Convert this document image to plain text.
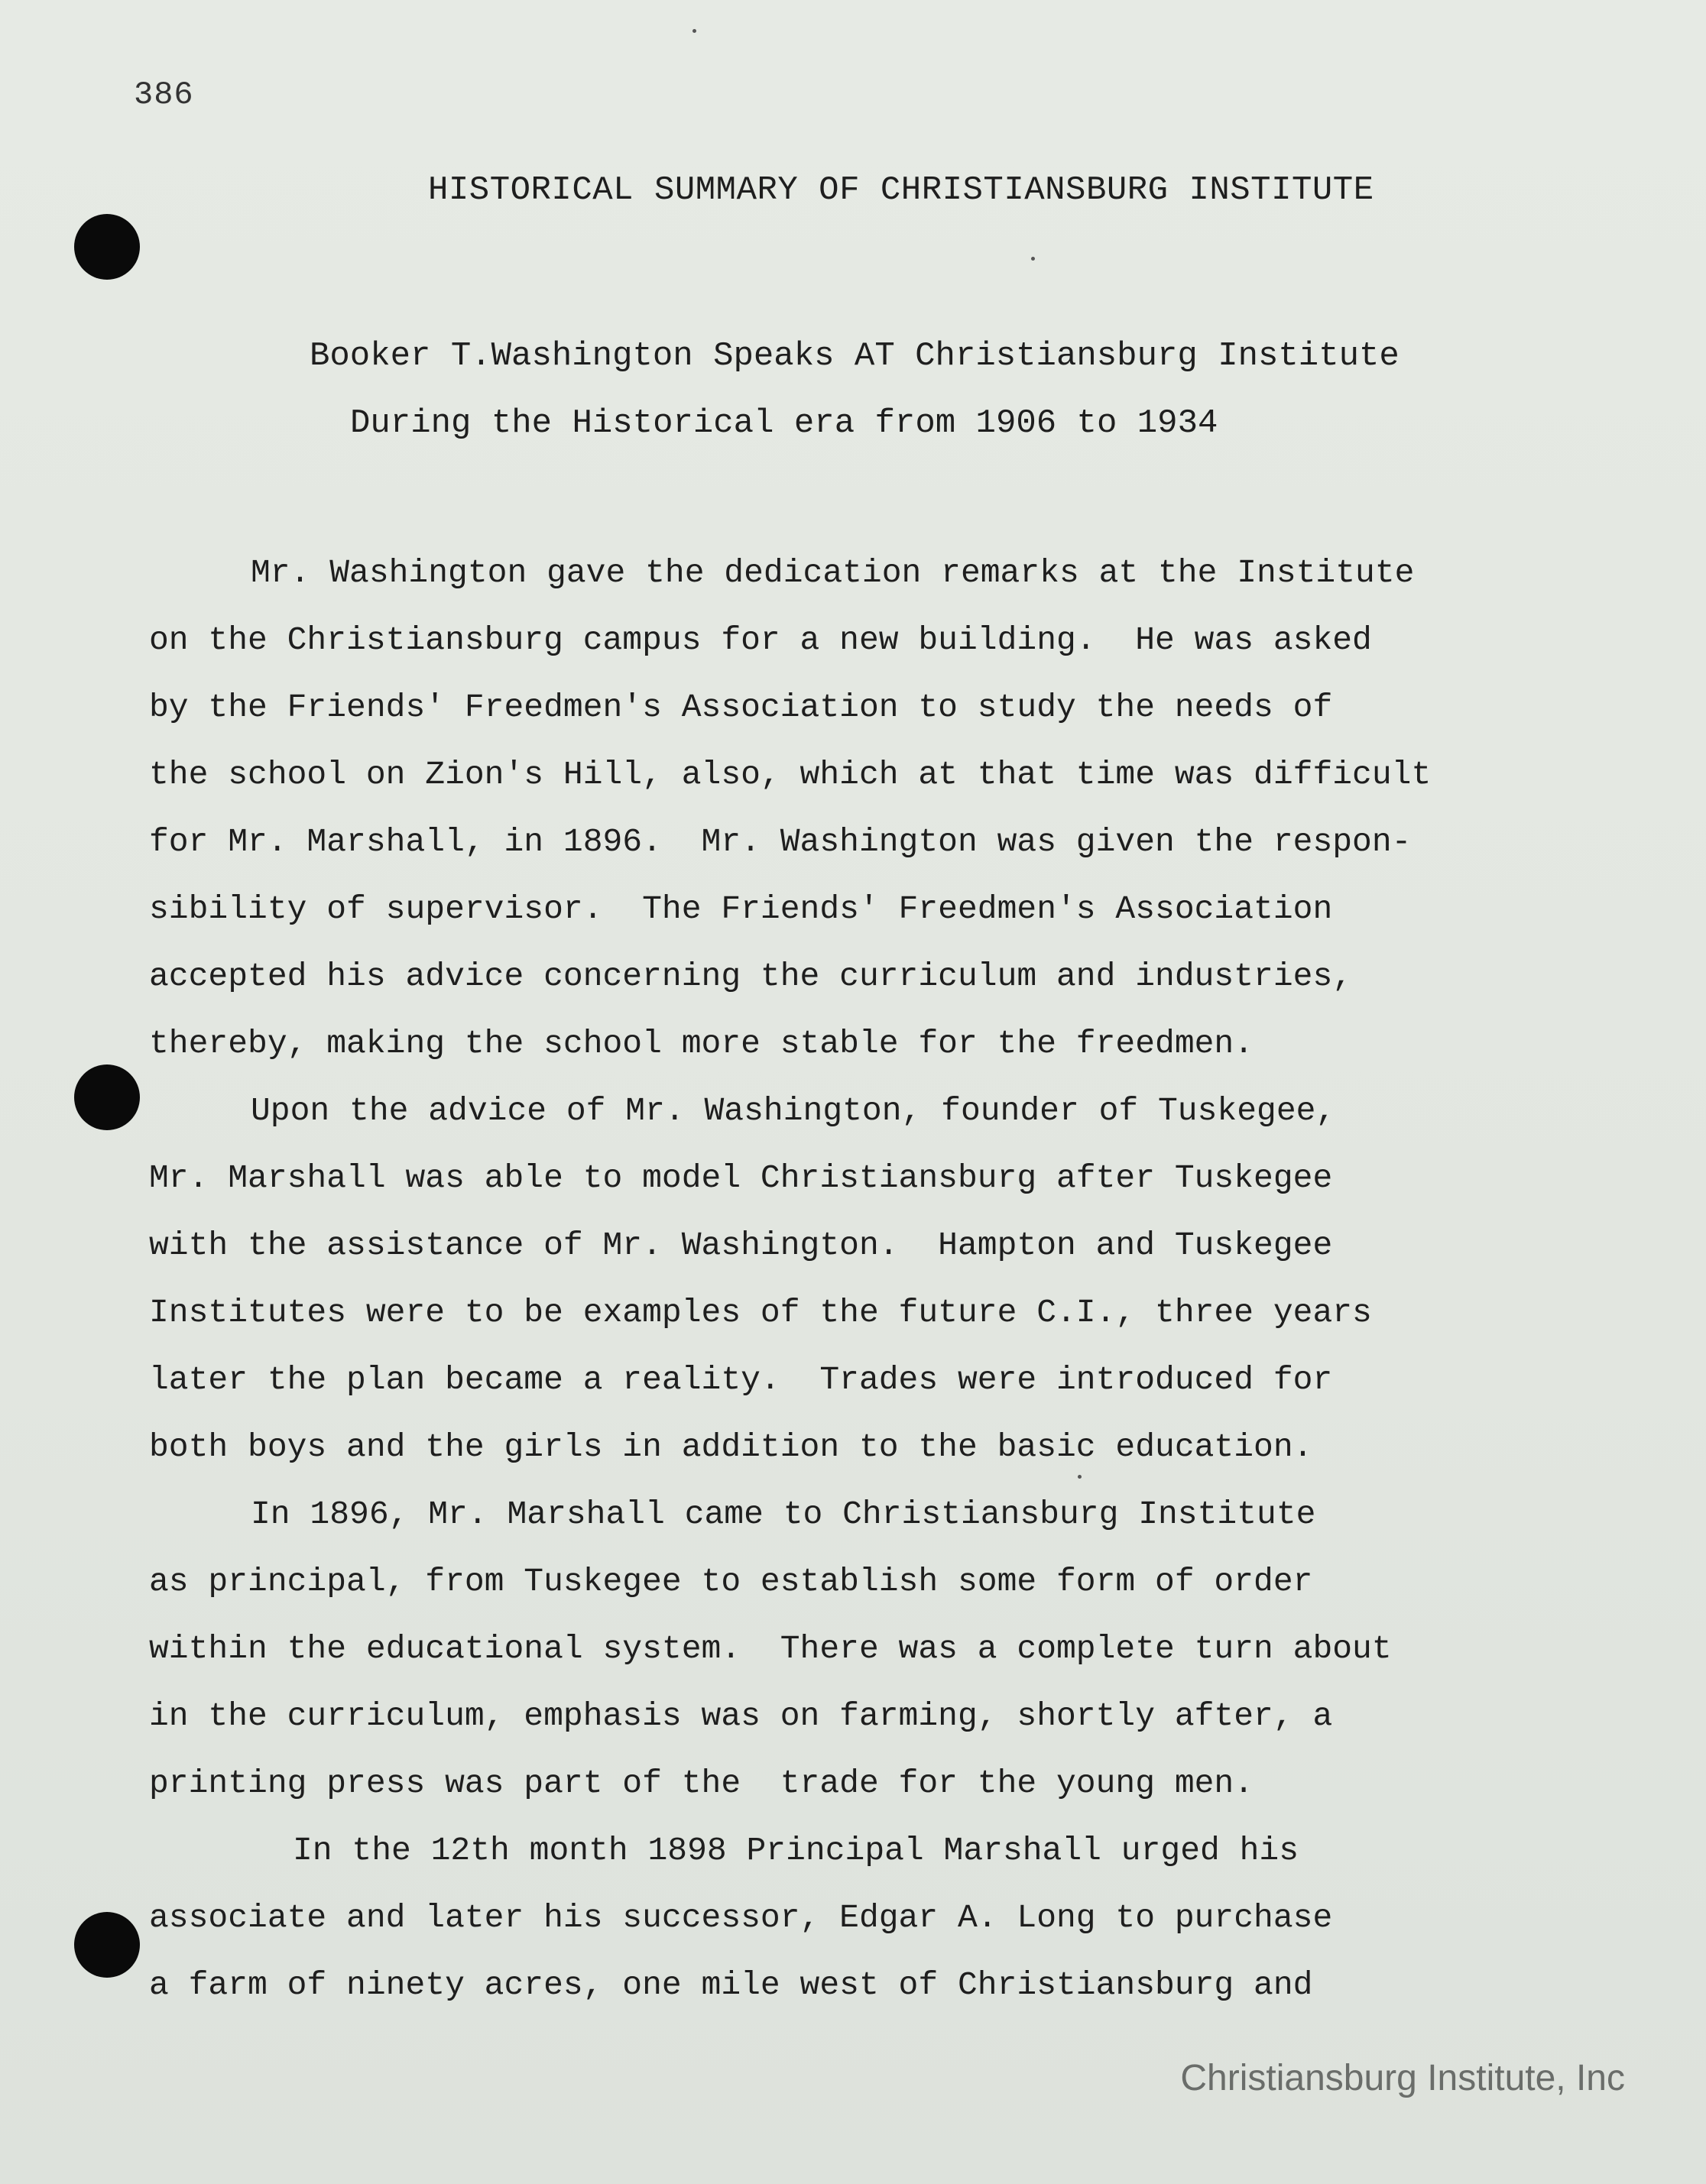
386
HISTORICAL SUMMARY OF CHRISTIANSBURG INSTITUTE
Booker T.Washington Speaks AT Christiansburg Institute
During the Historical era from 1906 to 1934
Mr. Washington gave the dedication remarks at the Institute
on the Christiansburg campus for a new building.  He was asked
by the Friends' Freedmen's Association to study the needs of
the school on Zion's Hill, also, which at that time was difficult
for Mr. Marshall, in 1896.  Mr. Washington was given the respon-
sibility of supervisor.  The Friends' Freedmen's Association
accepted his advice concerning the curriculum and industries,
thereby, making the school more stable for the freedmen.
Upon the advice of Mr. Washington, founder of Tuskegee,
Mr. Marshall was able to model Christiansburg after Tuskegee
with the assistance of Mr. Washington.  Hampton and Tuskegee
Institutes were to be examples of the future C.I., three years
later the plan became a reality.  Trades were introduced for
both boys and the girls in addition to the basic education.
In 1896, Mr. Marshall came to Christiansburg Institute
as principal, from Tuskegee to establish some form of order
within the educational system.  There was a complete turn about
in the curriculum, emphasis was on farming, shortly after, a
printing press was part of the  trade for the young men.
In the 12th month 1898 Principal Marshall urged his
associate and later his successor, Edgar A. Long to purchase
a farm of ninety acres, one mile west of Christiansburg and
Christiansburg Institute, Inc
